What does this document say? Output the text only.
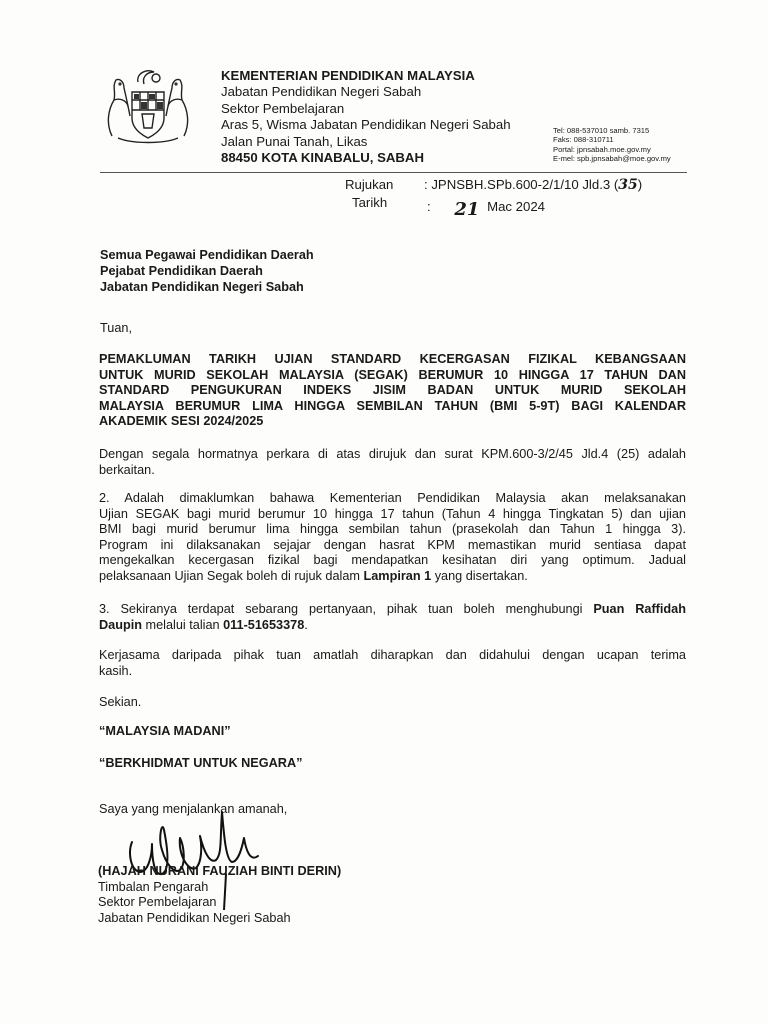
KEMENTERIAN PENDIDIKAN MALAYSIA
Jabatan Pendidikan Negeri Sabah
Sektor Pembelajaran
Aras 5, Wisma Jabatan Pendidikan Negeri Sabah
Jalan Punai Tanah, Likas
88450 KOTA KINABALU, SABAH
Tel: 088-537010 samb. 7315
Faks: 088-310711
Portal: jpnsabah.moe.gov.my
E-mel: spb.jpnsabah@moe.gov.my
Rujukan : JPNSBH.SPb.600-2/1/10 Jld.3 (35)
Tarikh	: 21 Mac 2024
Semua Pegawai Pendidikan Daerah
Pejabat Pendidikan Daerah
Jabatan Pendidikan Negeri Sabah
Tuan,
PEMAKLUMAN TARIKH UJIAN STANDARD KECERGASAN FIZIKAL KEBANGSAAN
UNTUK MURID SEKOLAH MALAYSIA (SEGAK) BERUMUR 10 HINGGA 17 TAHUN DAN
STANDARD PENGUKURAN INDEKS JISIM BADAN UNTUK MURID SEKOLAH
MALAYSIA BERUMUR LIMA HINGGA SEMBILAN TAHUN (BMI 5-9T) BAGI KALENDAR
AKADEMIK SESI 2024/2025
Dengan segala hormatnya perkara di atas dirujuk dan surat KPM.600-3/2/45 Jld.4 (25) adalah
berkaitan.
2. Adalah dimaklumkan bahawa Kementerian Pendidikan Malaysia akan melaksanakan
Ujian SEGAK bagi murid berumur 10 hingga 17 tahun (Tahun 4 hingga Tingkatan 5) dan ujian
BMI bagi murid berumur lima hingga sembilan tahun (prasekolah dan Tahun 1 hingga 3).
Program ini dilaksanakan sejajar dengan hasrat KPM memastikan murid sentiasa dapat
mengekalkan kecergasan fizikal bagi mendapatkan kesihatan diri yang optimum. Jadual
pelaksanaan Ujian Segak boleh di rujuk dalam Lampiran 1 yang disertakan.
3. Sekiranya terdapat sebarang pertanyaan, pihak tuan boleh menghubungi Puan Raffidah
Daupin melalui talian 011-51653378.
Kerjasama daripada pihak tuan amatlah diharapkan dan didahului dengan ucapan terima
kasih.
Sekian.
“MALAYSIA MADANI”
“BERKHIDMAT UNTUK NEGARA”
Saya yang menjalankan amanah,
(HAJAH NURANI FAUZIAH BINTI DERIN)
Timbalan Pengarah
Sektor Pembelajaran
Jabatan Pendidikan Negeri Sabah
